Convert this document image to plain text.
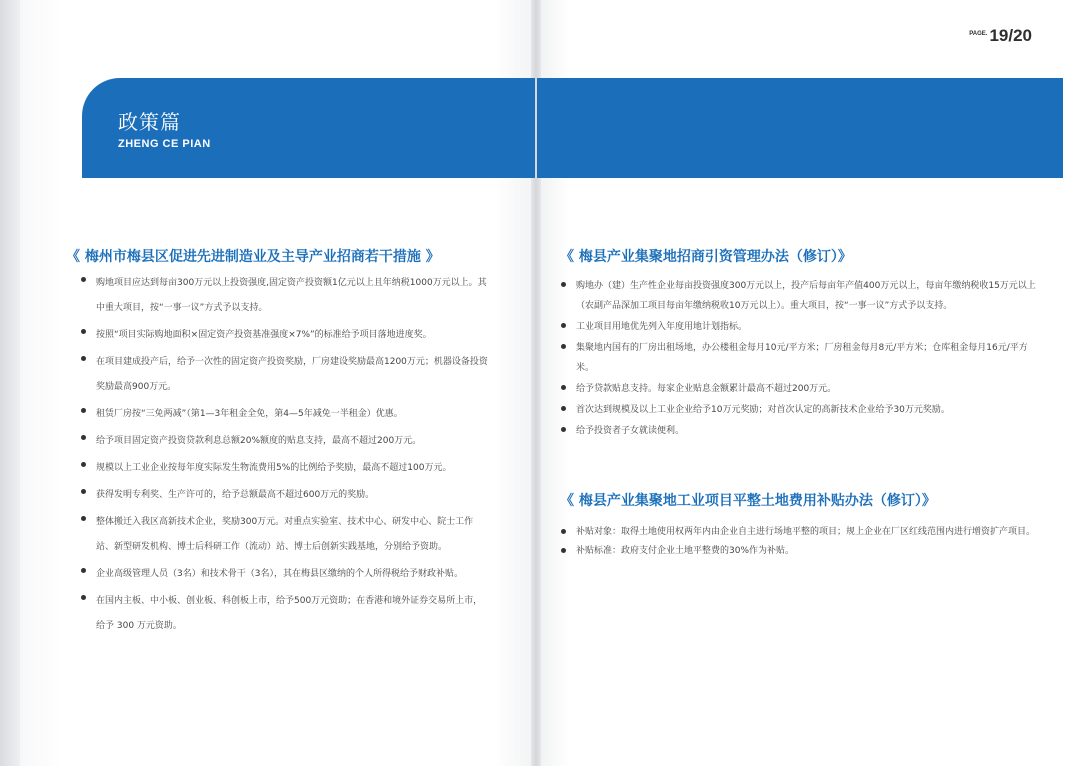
政策篇
ZHENG CE PIAN
$^{PAGE.}$ 19/20
《 梅州市梅县区促进先进制造业及主导产业招商若干措施 》
购地项目应达到每亩300万元以上投资强度,固定资产投资额1亿元以上且年纳税1000万元以上。其中重大项目，按“一事一议”方式予以支持。
按照“项目实际购地面积×固定资产投资基准强度×7%”的标准给予项目落地进度奖。
在项目建成投产后，给予一次性的固定资产投资奖励，厂房建设奖励最高1200万元；机器设备投资奖励最高900万元。
租赁厂房按“三免两减”（第1—3年租金全免，第4—5年减免一半租金）优惠。
给予项目固定资产投资贷款利息总额20%额度的贴息支持，最高不超过200万元。
规模以上工业企业按每年度实际发生物流费用5%的比例给予奖励，最高不超过100万元。
获得发明专利奖、生产许可的，给予总额最高不超过600万元的奖励。
整体搬迁入我区高新技术企业，奖励300万元。对重点实验室、技术中心、研发中心、院士工作站、新型研发机构、博士后科研工作（流动）站、博士后创新实践基地，分别给予资助。
企业高级管理人员（3名）和技术骨干（3名），其在梅县区缴纳的个人所得税给予财政补贴。
在国内主板、中小板、创业板、科创板上市，给予500万元资助；在香港和境外证券交易所上市，给予 300 万元资助。
《 梅县产业集聚地招商引资管理办法（修订）》
购地办（建）生产性企业每亩投资强度300万元以上，投产后每亩年产值400万元以上，每亩年缴纳税收15万元以上（农副产品深加工项目每亩年缴纳税收10万元以上）。重大项目，按“一事一议”方式予以支持。
工业项目用地优先列入年度用地计划指标。
集聚地内国有的厂房出租场地，办公楼租金每月10元/平方米；厂房租金每月8元/平方米；仓库租金每月16元/平方米。
给予贷款贴息支持。每家企业贴息金额累计最高不超过200万元。
首次达到规模及以上工业企业给予10万元奖励；对首次认定的高新技术企业给予30万元奖励。
给予投资者子女就读便利。
《 梅县产业集聚地工业项目平整土地费用补贴办法（修订）》
补贴对象：取得土地使用权两年内由企业自主进行场地平整的项目；规上企业在厂区红线范围内进行增资扩产项目。
补贴标准：政府支付企业土地平整费的30%作为补贴。
